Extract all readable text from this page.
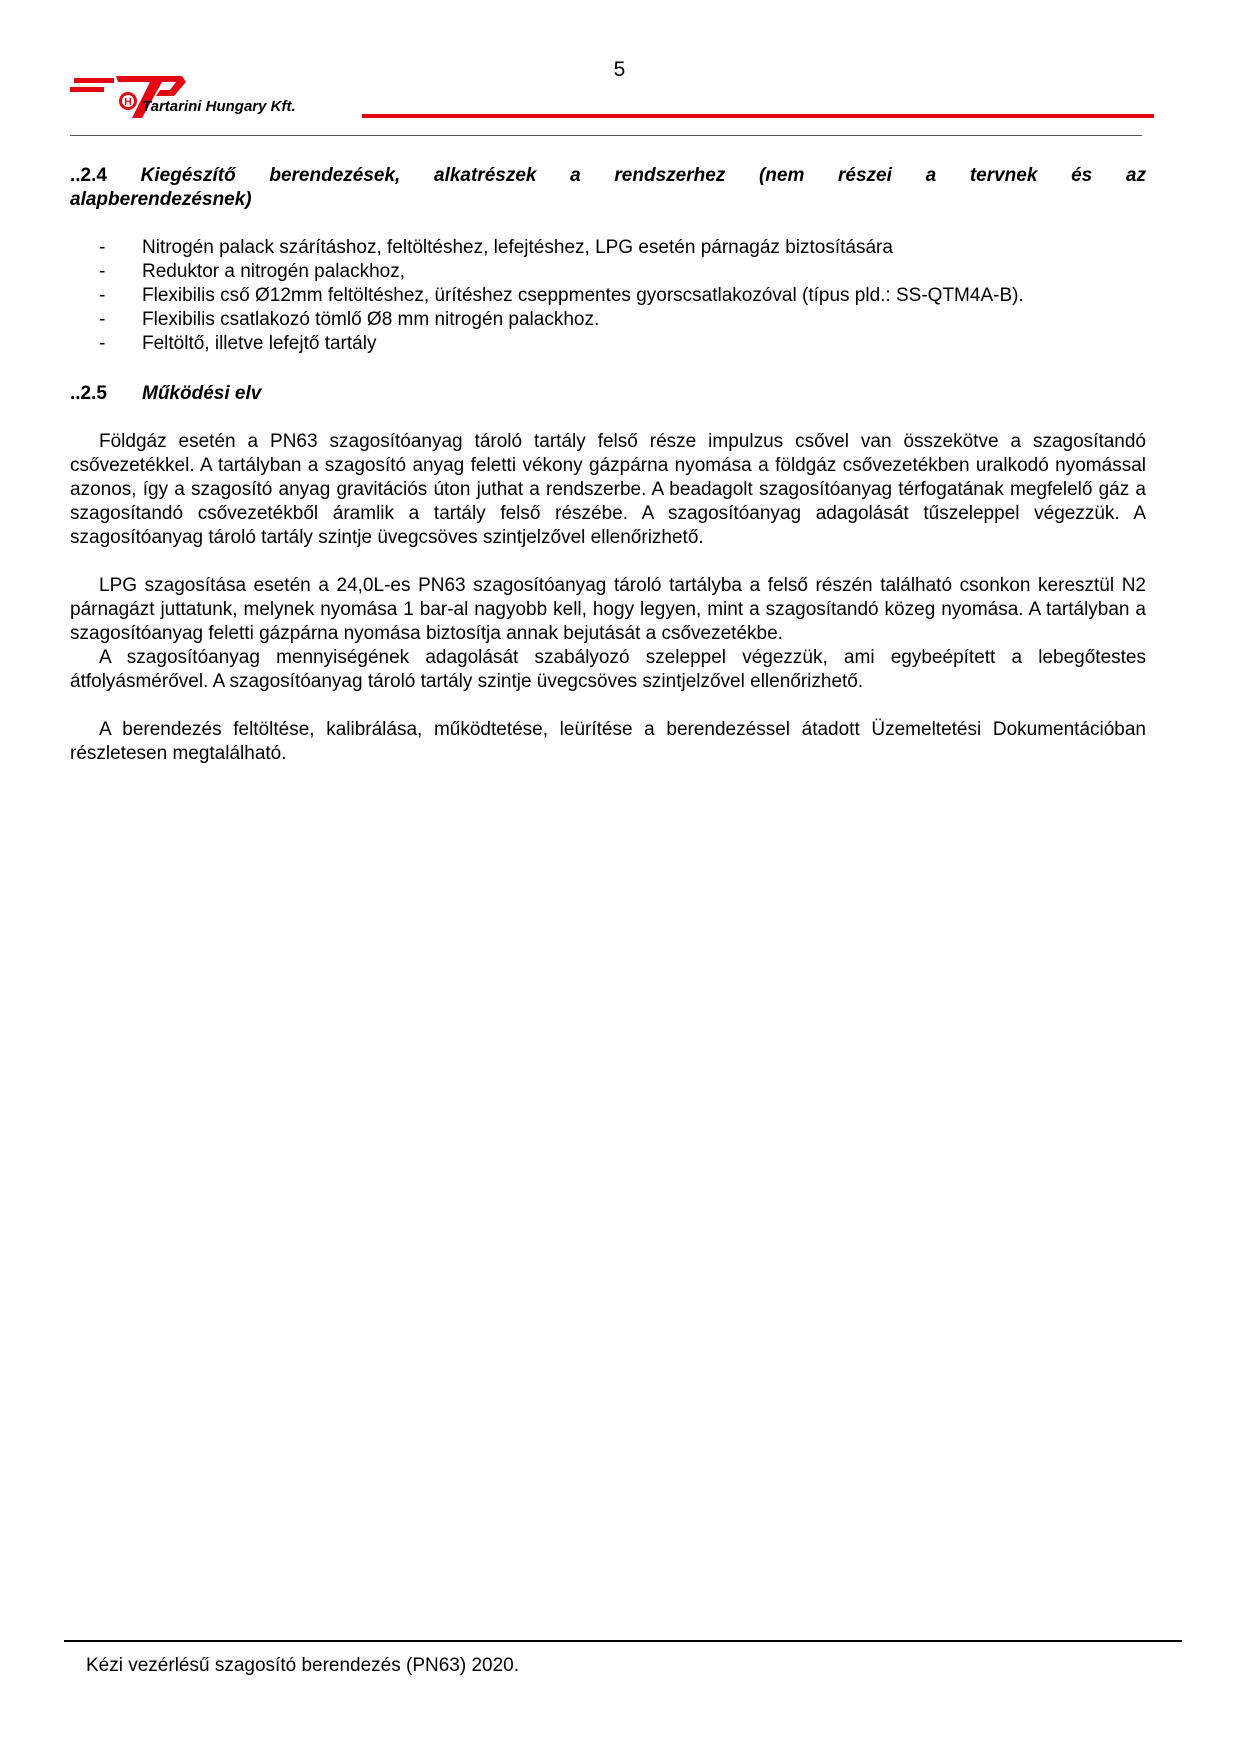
5
H Tartarini Hungary Kft.
..2.4 Kiegészítő berendezések, alkatrészek a rendszerhez (nem részei a tervnek és az
alapberendezésnek)
- Nitrogén palack szárításhoz, feltöltéshez, lefejtéshez, LPG esetén párnagáz biztosítására
- Reduktor a nitrogén palackhoz,
- Flexibilis cső Ø12mm feltöltéshez, ürítéshez cseppmentes gyorscsatlakozóval (típus pld.: SS-QTM4A-B).
- Flexibilis csatlakozó tömlő Ø8 mm nitrogén palackhoz.
- Feltöltő, illetve lefejtő tartály
..2.5 Működési elv

Földgáz esetén a PN63 szagosítóanyag tároló tartály felső része impulzus csővel van összekötve a szagosítandó csővezetékkel. A tartályban a szagosító anyag feletti vékony gázpárna nyomása a földgáz csővezetékben uralkodó nyomással azonos, így a szagosító anyag gravitációs úton juthat a rendszerbe. A beadagolt szagosítóanyag térfogatának megfelelő gáz a szagosítandó csővezetékből áramlik a tartály felső részébe. A szagosítóanyag adagolását tűszeleppel végezzük. A szagosítóanyag tároló tartály szintje üvegcsöves szintjelzővel ellenőrizhető.

LPG szagosítása esetén a 24,0L-es PN63 szagosítóanyag tároló tartályba a felső részén található csonkon keresztül N2 párnagázt juttatunk, melynek nyomása 1 bar-al nagyobb kell, hogy legyen, mint a szagosítandó közeg nyomása. A tartályban a szagosítóanyag feletti gázpárna nyomása biztosítja annak bejutását a csővezetékbe.

A szagosítóanyag mennyiségének adagolását szabályozó szeleppel végezzük, ami egybeépített a lebegőtestes átfolyásmérővel. A szagosítóanyag tároló tartály szintje üvegcsöves szintjelzővel ellenőrizhető.

A berendezés feltöltése, kalibrálása, működtetése, leürítése a berendezéssel átadott Üzemeltetési Dokumentációban részletesen megtalálható.

Kézi vezérlésű szagosító berendezés (PN63) 2020.
